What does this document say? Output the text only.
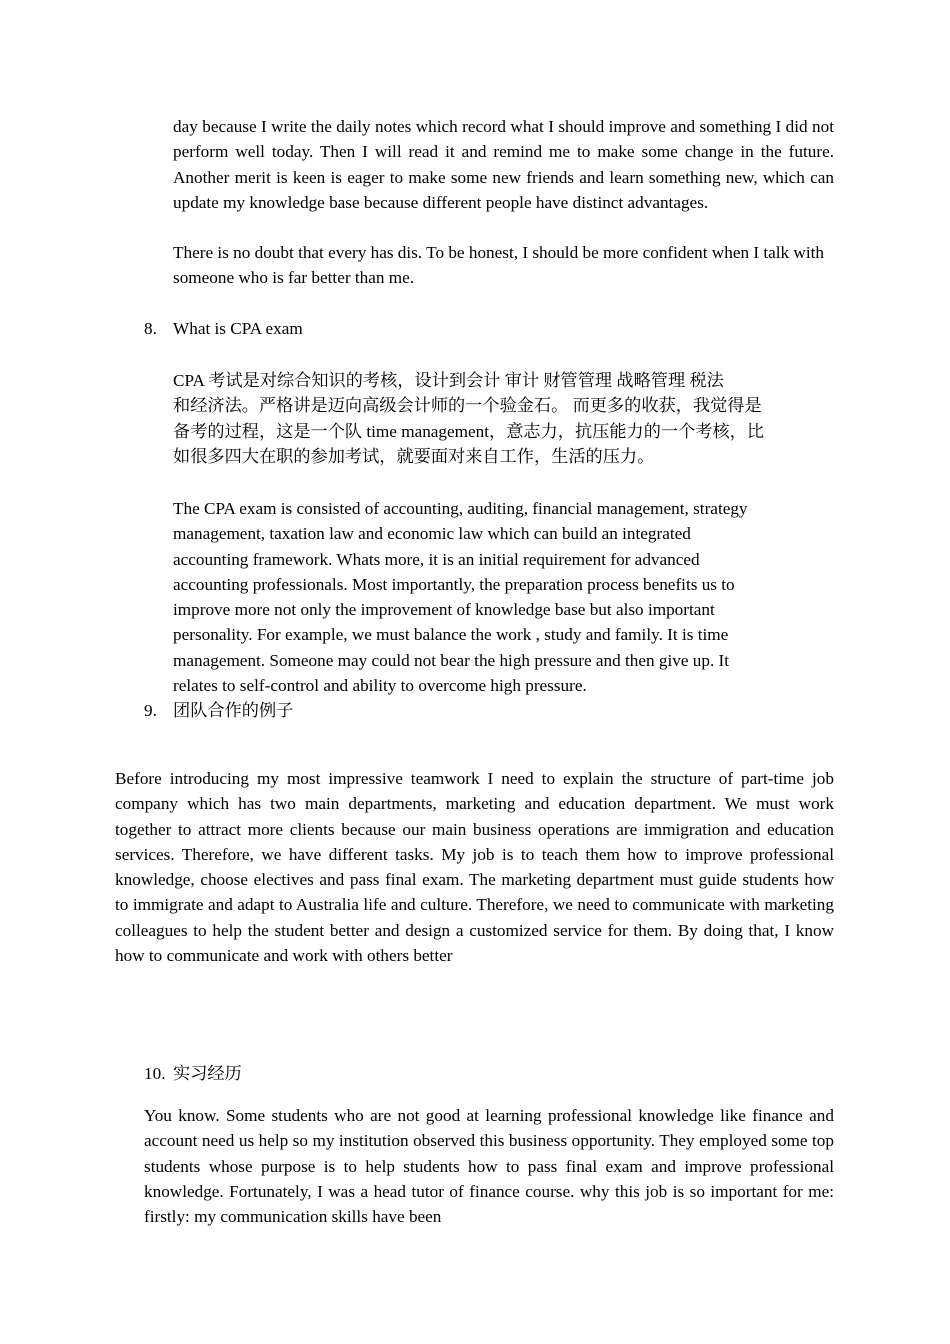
day because I write the daily notes which record what I should improve and something I did not perform well today. Then I will read it and remind me to make some change in the future. Another merit is keen is eager to make some new friends and learn something new, which can update my knowledge base because different people have distinct advantages.

There is no doubt that every has dis. To be honest, I should be more confident when I talk with someone who is far better than me.

8. What is CPA exam
CPA 考试是对综合知识的考核，设计到会计 审计 财管管理 战略管理 税法
和经济法。严格讲是迈向高级会计师的一个验金石。 而更多的收获，我觉得是
备考的过程，这是一个队 time management，意志力，抗压能力的一个考核，比
如很多四大在职的参加考试，就要面对来自工作，生活的压力。
The CPA exam is consisted of accounting, auditing, financial management, strategy
management, taxation law and economic law which can build an integrated
accounting framework. Whats more, it is an initial requirement for advanced
accounting professionals. Most importantly, the preparation process benefits us to
improve more not only the improvement of knowledge base but also important
personality. For example, we must balance the work , study and family. It is time
management. Someone may could not bear the high pressure and then give up. It
relates to self-control and ability to overcome high pressure.
9. 团队合作的例子

Before introducing my most impressive teamwork I need to explain the structure of part-time job company which has two main departments, marketing and education department. We must work together to attract more clients because our main business operations are immigration and education services. Therefore, we have different tasks. My job is to teach them how to improve professional knowledge, choose electives and pass final exam. The marketing department must guide students how to immigrate and adapt to Australia life and culture. Therefore, we need to communicate with marketing colleagues to help the student better and design a customized service for them. By doing that, I know how to communicate and work with others better

10. 实习经历

You know. Some students who are not good at learning professional knowledge like finance and account need us help so my institution observed this business opportunity. They employed some top students whose purpose is to help students how to pass final exam and improve professional knowledge. Fortunately, I was a head tutor of finance course. why this job is so important for me: firstly: my communication skills have been
